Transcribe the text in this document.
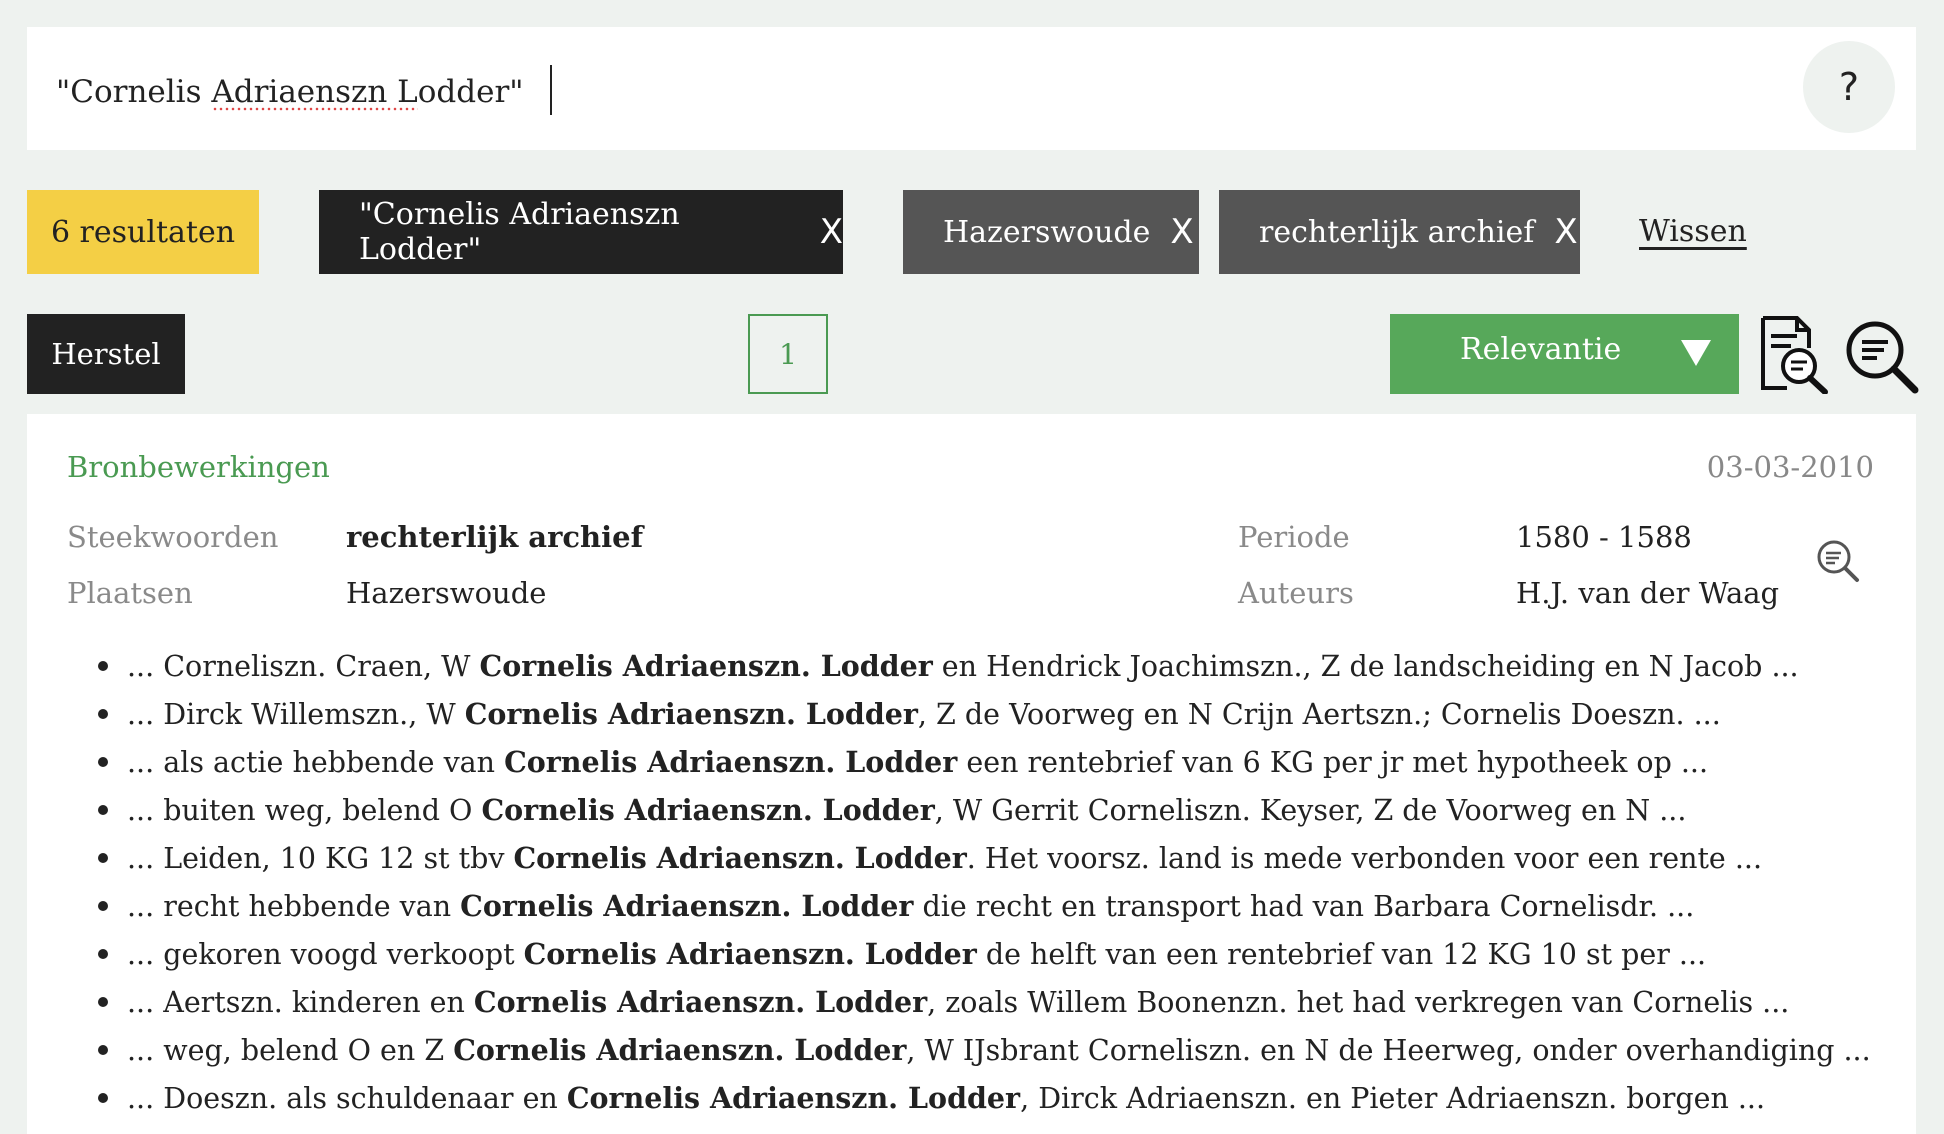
"Cornelis Adriaenszn Lodder"
?
6 resultaten	"Cornelis Adriaenszn Lodder"	X	Hazerswoude X rechterlijk archief X Wissen
Herstel	1	Relevantie
Bronbewerkingen	03-03-2010
Steekwoorden rechterlijk archief
Plaatsen	Hazerswoude
Periode	1580 - 1588
Auteurs	H.J. van der Waag
... Corneliszn. Craen, W Cornelis Adriaenszn. Lodder en Hendrick Joachimszn., Z de landscheiding en N Jacob ...
... Dirck Willemszn., W Cornelis Adriaenszn. Lodder, Z de Voorweg en N Crijn Aertszn.; Cornelis Doeszn. ...
... als actie hebbende van Cornelis Adriaenszn. Lodder een rentebrief van 6 KG per jr met hypotheek op ...
... buiten weg, belend O Cornelis Adriaenszn. Lodder, W Gerrit Corneliszn. Keyser, Z de Voorweg en N ...
... Leiden, 10 KG 12 st tbv Cornelis Adriaenszn. Lodder. Het voorsz. land is mede verbonden voor een rente ...
... recht hebbende van Cornelis Adriaenszn. Lodder die recht en transport had van Barbara Cornelisdr. ...
... gekoren voogd verkoopt Cornelis Adriaenszn. Lodder de helft van een rentebrief van 12 KG 10 st per ...
... Aertszn. kinderen en Cornelis Adriaenszn. Lodder, zoals Willem Boonenzn. het had verkregen van Cornelis ...
... weg, belend O en Z Cornelis Adriaenszn. Lodder, W IJsbrant Corneliszn. en N de Heerweg, onder overhandiging ...
... Doeszn. als schuldenaar en Cornelis Adriaenszn. Lodder, Dirck Adriaenszn. en Pieter Adriaenszn. borgen ...
